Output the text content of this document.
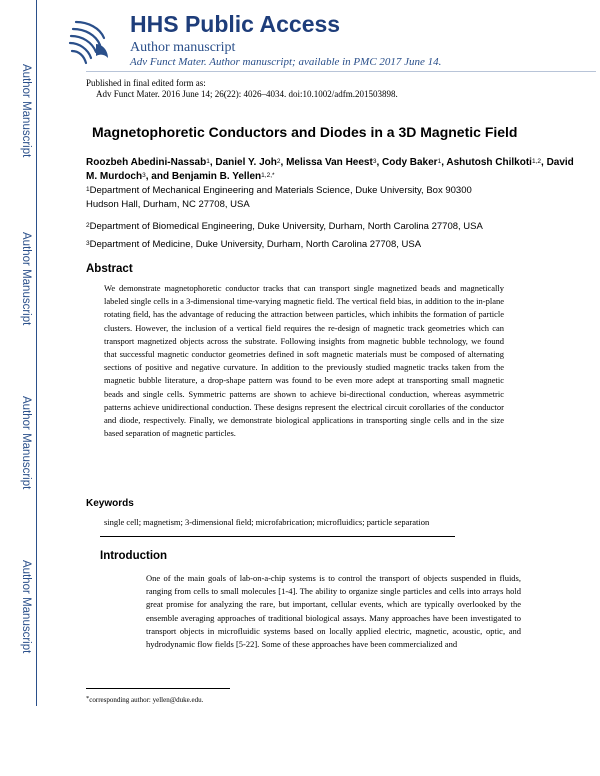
Author Manuscript
Author Manuscript
Author Manuscript
Author Manuscript
HHS Public Access
Author manuscript
Adv Funct Mater. Author manuscript; available in PMC 2017 June 14.
Published in final edited form as:
Adv Funct Mater. 2016 June 14; 26(22): 4026–4034. doi:10.1002/adfm.201503898.
Magnetophoretic Conductors and Diodes in a 3D Magnetic Field
Roozbeh Abedini-Nassab$^1$, Daniel Y. Joh$^2$, Melissa Van Heest$^3$, Cody Baker$^1$, Ashutosh Chilkoti$^{1,2}$, David M. Murdoch$^3$, and Benjamin B. Yellen$^{1,2,*}$
$^1$Department of Mechanical Engineering and Materials Science, Duke University, Box 90300 Hudson Hall, Durham, NC 27708, USA
$^2$Department of Biomedical Engineering, Duke University, Durham, North Carolina 27708, USA
$^3$Department of Medicine, Duke University, Durham, North Carolina 27708, USA
Abstract
We demonstrate magnetophoretic conductor tracks that can transport single magnetized beads and magnetically labeled single cells in a 3-dimensional time-varying magnetic field. The vertical field bias, in addition to the in-plane rotating field, has the advantage of reducing the attraction between particles, which inhibits the formation of particle clusters. However, the inclusion of a vertical field requires the re-design of magnetic track geometries which can transport magnetized objects across the substrate. Following insights from magnetic bubble technology, we found that successful magnetic conductor geometries defined in soft magnetic materials must be composed of alternating sections of positive and negative curvature. In addition to the previously studied magnetic tracks taken from the magnetic bubble literature, a drop-shape pattern was found to be even more adept at transporting small magnetic beads and single cells. Symmetric patterns are shown to achieve bi-directional conduction, whereas asymmetric patterns achieve unidirectional conduction. These designs represent the electrical circuit corollaries of the conductor and diode, respectively. Finally, we demonstrate biological applications in transporting single cells and in the size based separation of magnetic particles.
Keywords
single cell; magnetism; 3-dimensional field; microfabrication; microfluidics; particle separation
Introduction
One of the main goals of lab-on-a-chip systems is to control the transport of objects suspended in fluids, ranging from cells to small molecules [1-4]. The ability to organize single particles and cells into arrays hold great promise for analyzing the rare, but important, cellular events, which are typically overlooked by the ensemble averaging approaches of traditional biological assays. Many approaches have been investigated to transport objects in microfluidic systems based on locally applied electric, magnetic, acoustic, optic, and hydrodynamic flow fields [5-22]. Some of these approaches have been commercialized and
*corresponding author: yellen@duke.edu.
